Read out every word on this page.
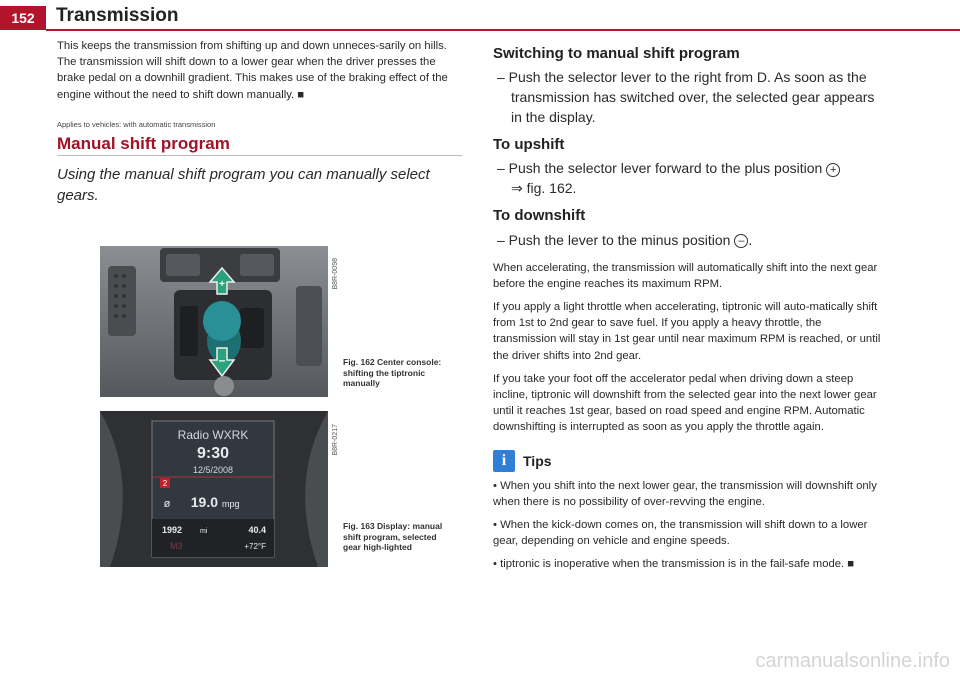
152	Transmission

This keeps the transmission from shifting up and down unneces-sarily on hills. The transmission will shift down to a lower gear when the driver presses the brake pedal on a downhill gradient. This makes use of the braking effect of the engine without the need to shift down manually. ■

Applies to vehicles: with automatic transmission
Manual shift program
Using the manual shift program you can manually select gears.
+
–
B8R-0098
Fig. 162 Center console: shifting the tiptronic manually
Radio WXRK
9:30
12/5/2008
2
ø 19.0 mpg
1992	mi	40.4
M3	+72°F
B8R-0217
Fig. 163 Display: manual shift program, selected gear high-lighted
Switching to manual shift program
– Push the selector lever to the right from D. As soon as the transmission has switched over, the selected gear appears in the display.
To upshift
– Push the selector lever forward to the plus position +
⇒ fig. 162.
To downshift
– Push the lever to the minus position – .

When accelerating, the transmission will automatically shift into the next gear before the engine reaches its maximum RPM.

If you apply a light throttle when accelerating, tiptronic will auto-matically shift from 1st to 2nd gear to save fuel. If you apply a heavy throttle, the transmission will stay in 1st gear until near maximum RPM is reached, or until the driver shifts into 2nd gear.

If you take your foot off the accelerator pedal when driving down a steep incline, tiptronic will downshift from the selected gear into the next lower gear until it reaches 1st gear, based on road speed and engine RPM. Automatic downshifting is interrupted as soon as you apply the throttle again.

i	Tips

• When you shift into the next lower gear, the transmission will downshift only when there is no possibility of over-revving the engine.

• When the kick-down comes on, the transmission will shift down to a lower gear, depending on vehicle and engine speeds.

• tiptronic is inoperative when the transmission is in the fail-safe mode. ■

carmanualsonline.info
